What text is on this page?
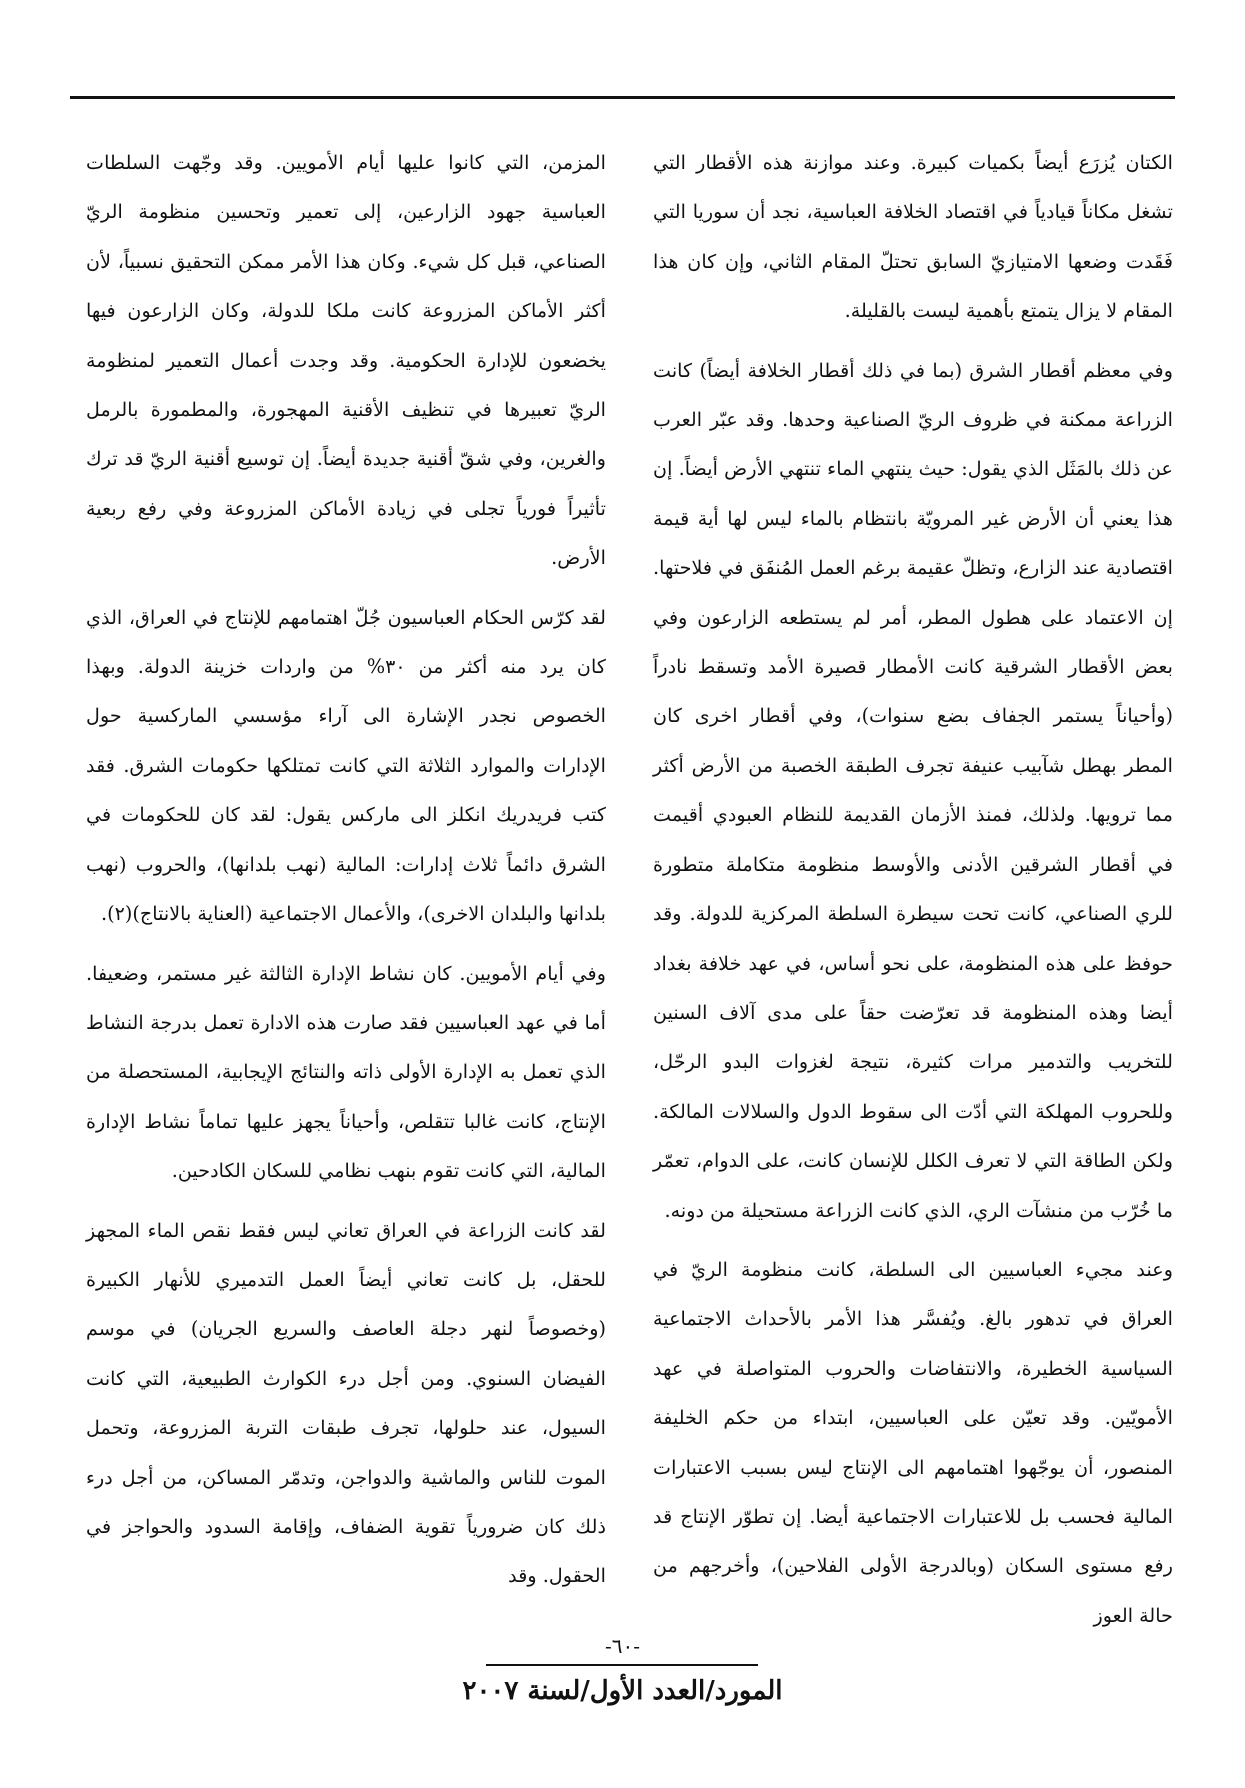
الكتان يُزرَع أيضاً بكميات كبيرة. وعند موازنة هذه الأقطار التي تشغل مكاناً قيادياً في اقتصاد الخلافة العباسية، نجد أن سوريا التي فَقَدت وضعها الامتيازيّ السابق تحتلّ المقام الثاني، وإن كان هذا المقام لا يزال يتمتع بأهمية ليست بالقليلة.

وفي معظم أقطار الشرق (بما في ذلك أقطار الخلافة أيضاً) كانت الزراعة ممكنة في ظروف الريّ الصناعية وحدها. وقد عبّر العرب عن ذلك بالمَثَل الذي يقول: حيث ينتهي الماء تنتهي الأرض أيضاً. إن هذا يعني أن الأرض غير المرويّة بانتظام بالماء ليس لها أية قيمة اقتصادية عند الزارع، وتظلّ عقيمة برغم العمل المُنفَق في فلاحتها. إن الاعتماد على هطول المطر، أمر لم يستطعه الزارعون وفي بعض الأقطار الشرقية كانت الأمطار قصيرة الأمد وتسقط نادراً (وأحياناً يستمر الجفاف بضع سنوات)، وفي أقطار اخرى كان المطر بهطل شآبيب عنيفة تجرف الطبقة الخصبة من الأرض أكثر مما ترويها. ولذلك، فمنذ الأزمان القديمة للنظام العبودي أقيمت في أقطار الشرقين الأدنى والأوسط منظومة متكاملة متطورة للري الصناعي، كانت تحت سيطرة السلطة المركزية للدولة. وقد حوفظ على هذه المنظومة، على نحو أساس، في عهد خلافة بغداد أيضا وهذه المنظومة قد تعرّضت حقاً على مدى آلاف السنين للتخريب والتدمير مرات كثيرة، نتيجة لغزوات البدو الرحّل، وللحروب المهلكة التي أدّت الى سقوط الدول والسلالات المالكة. ولكن الطاقة التي لا تعرف الكلل للإنسان كانت، على الدوام، تعمّر ما خُرّب من منشآت الري، الذي كانت الزراعة مستحيلة من دونه.

وعند مجيء العباسيين الى السلطة، كانت منظومة الريّ في العراق في تدهور بالغ. ويُفسَّر هذا الأمر بالأحداث الاجتماعية السياسية الخطيرة، والانتفاضات والحروب المتواصلة في عهد الأمويّين. وقد تعيّن على العباسيين، ابتداء من حكم الخليفة المنصور، أن يوجّهوا اهتمامهم الى الإنتاج ليس بسبب الاعتبارات المالية فحسب بل للاعتبارات الاجتماعية أيضا. إن تطوّر الإنتاج قد رفع مستوى السكان (وبالدرجة الأولى الفلاحين)، وأخرجهم من حالة العوز

المزمن، التي كانوا عليها أيام الأمويين. وقد وجّهت السلطات العباسية جهود الزارعين، إلى تعمير وتحسين منظومة الريّ الصناعي، قبل كل شيء. وكان هذا الأمر ممكن التحقيق نسبياً، لأن أكثر الأماكن المزروعة كانت ملكا للدولة، وكان الزارعون فيها يخضعون للإدارة الحكومية. وقد وجدت أعمال التعمير لمنظومة الريّ تعبيرها في تنظيف الأقنية المهجورة، والمطمورة بالرمل والغرين، وفي شقّ أقنية جديدة أيضاً. إن توسيع أقنية الريّ قد ترك تأثيراً فورياً تجلى في زيادة الأماكن المزروعة وفي رفع ربعية الأرض.

لقد كرّس الحكام العباسيون جُلّ اهتمامهم للإنتاج في العراق، الذي كان يرد منه أكثر من ٣٠% من واردات خزينة الدولة. وبهذا الخصوص نجدر الإشارة الى آراء مؤسسي الماركسية حول الإدارات والموارد الثلاثة التي كانت تمتلكها حكومات الشرق. فقد كتب فريدريك انكلز الى ماركس يقول: لقد كان للحكومات في الشرق دائماً ثلاث إدارات: المالية (نهب بلدانها)، والحروب (نهب بلدانها والبلدان الاخرى)، والأعمال الاجتماعية (العناية بالانتاج)(٢).

وفي أيام الأمويين. كان نشاط الإدارة الثالثة غير مستمر، وضعيفا. أما في عهد العباسيين فقد صارت هذه الادارة تعمل بدرجة النشاط الذي تعمل به الإدارة الأولى ذاته والنتائج الإيجابية، المستحصلة من الإنتاج، كانت غالبا تتقلص، وأحياناً يجهز عليها تماماً نشاط الإدارة المالية، التي كانت تقوم بنهب نظامي للسكان الكادحين.

لقد كانت الزراعة في العراق تعاني ليس فقط نقص الماء المجهز للحقل، بل كانت تعاني أيضاً العمل التدميري للأنهار الكبيرة (وخصوصاً لنهر دجلة العاصف والسريع الجريان) في موسم الفيضان السنوي. ومن أجل درء الكوارث الطبيعية، التي كانت السيول، عند حلولها، تجرف طبقات التربة المزروعة، وتحمل الموت للناس والماشية والدواجن، وتدمّر المساكن، من أجل درء ذلك كان ضرورياً تقوية الضفاف، وإقامة السدود والحواجز في الحقول. وقد

-٦٠-
المورد/العدد الأول/لسنة ٢٠٠٧
